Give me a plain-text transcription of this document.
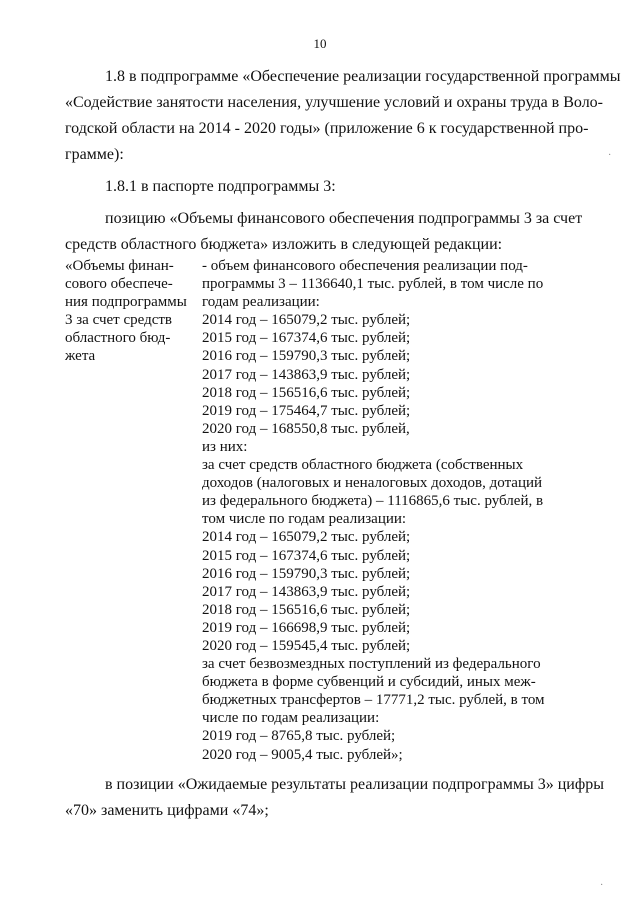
10
1.8 в подпрограмме «Обеспечение реализации государственной программы
«Содействие занятости населения, улучшение условий и охраны труда в Воло-
годской области на 2014 - 2020 годы» (приложение 6 к государственной про-
грамме):
1.8.1 в паспорте подпрограммы 3:
позицию «Объемы финансового обеспечения подпрограммы 3 за счет
средств областного бюджета» изложить в следующей редакции:
«Объемы финан-
сового обеспече-
ния подпрограммы
3 за счет средств
областного бюд-
жета
- объем финансового обеспечения реализации под-
программы 3 – 1136640,1 тыс. рублей, в том числе по
годам реализации:
2014 год – 165079,2 тыс. рублей;
2015 год – 167374,6 тыс. рублей;
2016 год – 159790,3 тыс. рублей;
2017 год – 143863,9 тыс. рублей;
2018 год – 156516,6 тыс. рублей;
2019 год – 175464,7 тыс. рублей;
2020 год – 168550,8 тыс. рублей,
из них:
за счет средств областного бюджета (собственных
доходов (налоговых и неналоговых доходов, дотаций
из федерального бюджета) – 1116865,6 тыс. рублей, в
том числе по годам реализации:
2014 год – 165079,2 тыс. рублей;
2015 год – 167374,6 тыс. рублей;
2016 год – 159790,3 тыс. рублей;
2017 год – 143863,9 тыс. рублей;
2018 год – 156516,6 тыс. рублей;
2019 год – 166698,9 тыс. рублей;
2020 год – 159545,4 тыс. рублей;
за счет безвозмездных поступлений из федерального
бюджета в форме субвенций и субсидий, иных меж-
бюджетных трансфертов – 17771,2 тыс. рублей, в том
числе по годам реализации:
2019 год – 8765,8 тыс. рублей;
2020 год – 9005,4 тыс. рублей»;
в позиции «Ожидаемые результаты реализации подпрограммы 3» цифры
«70» заменить цифрами «74»;
·
·
